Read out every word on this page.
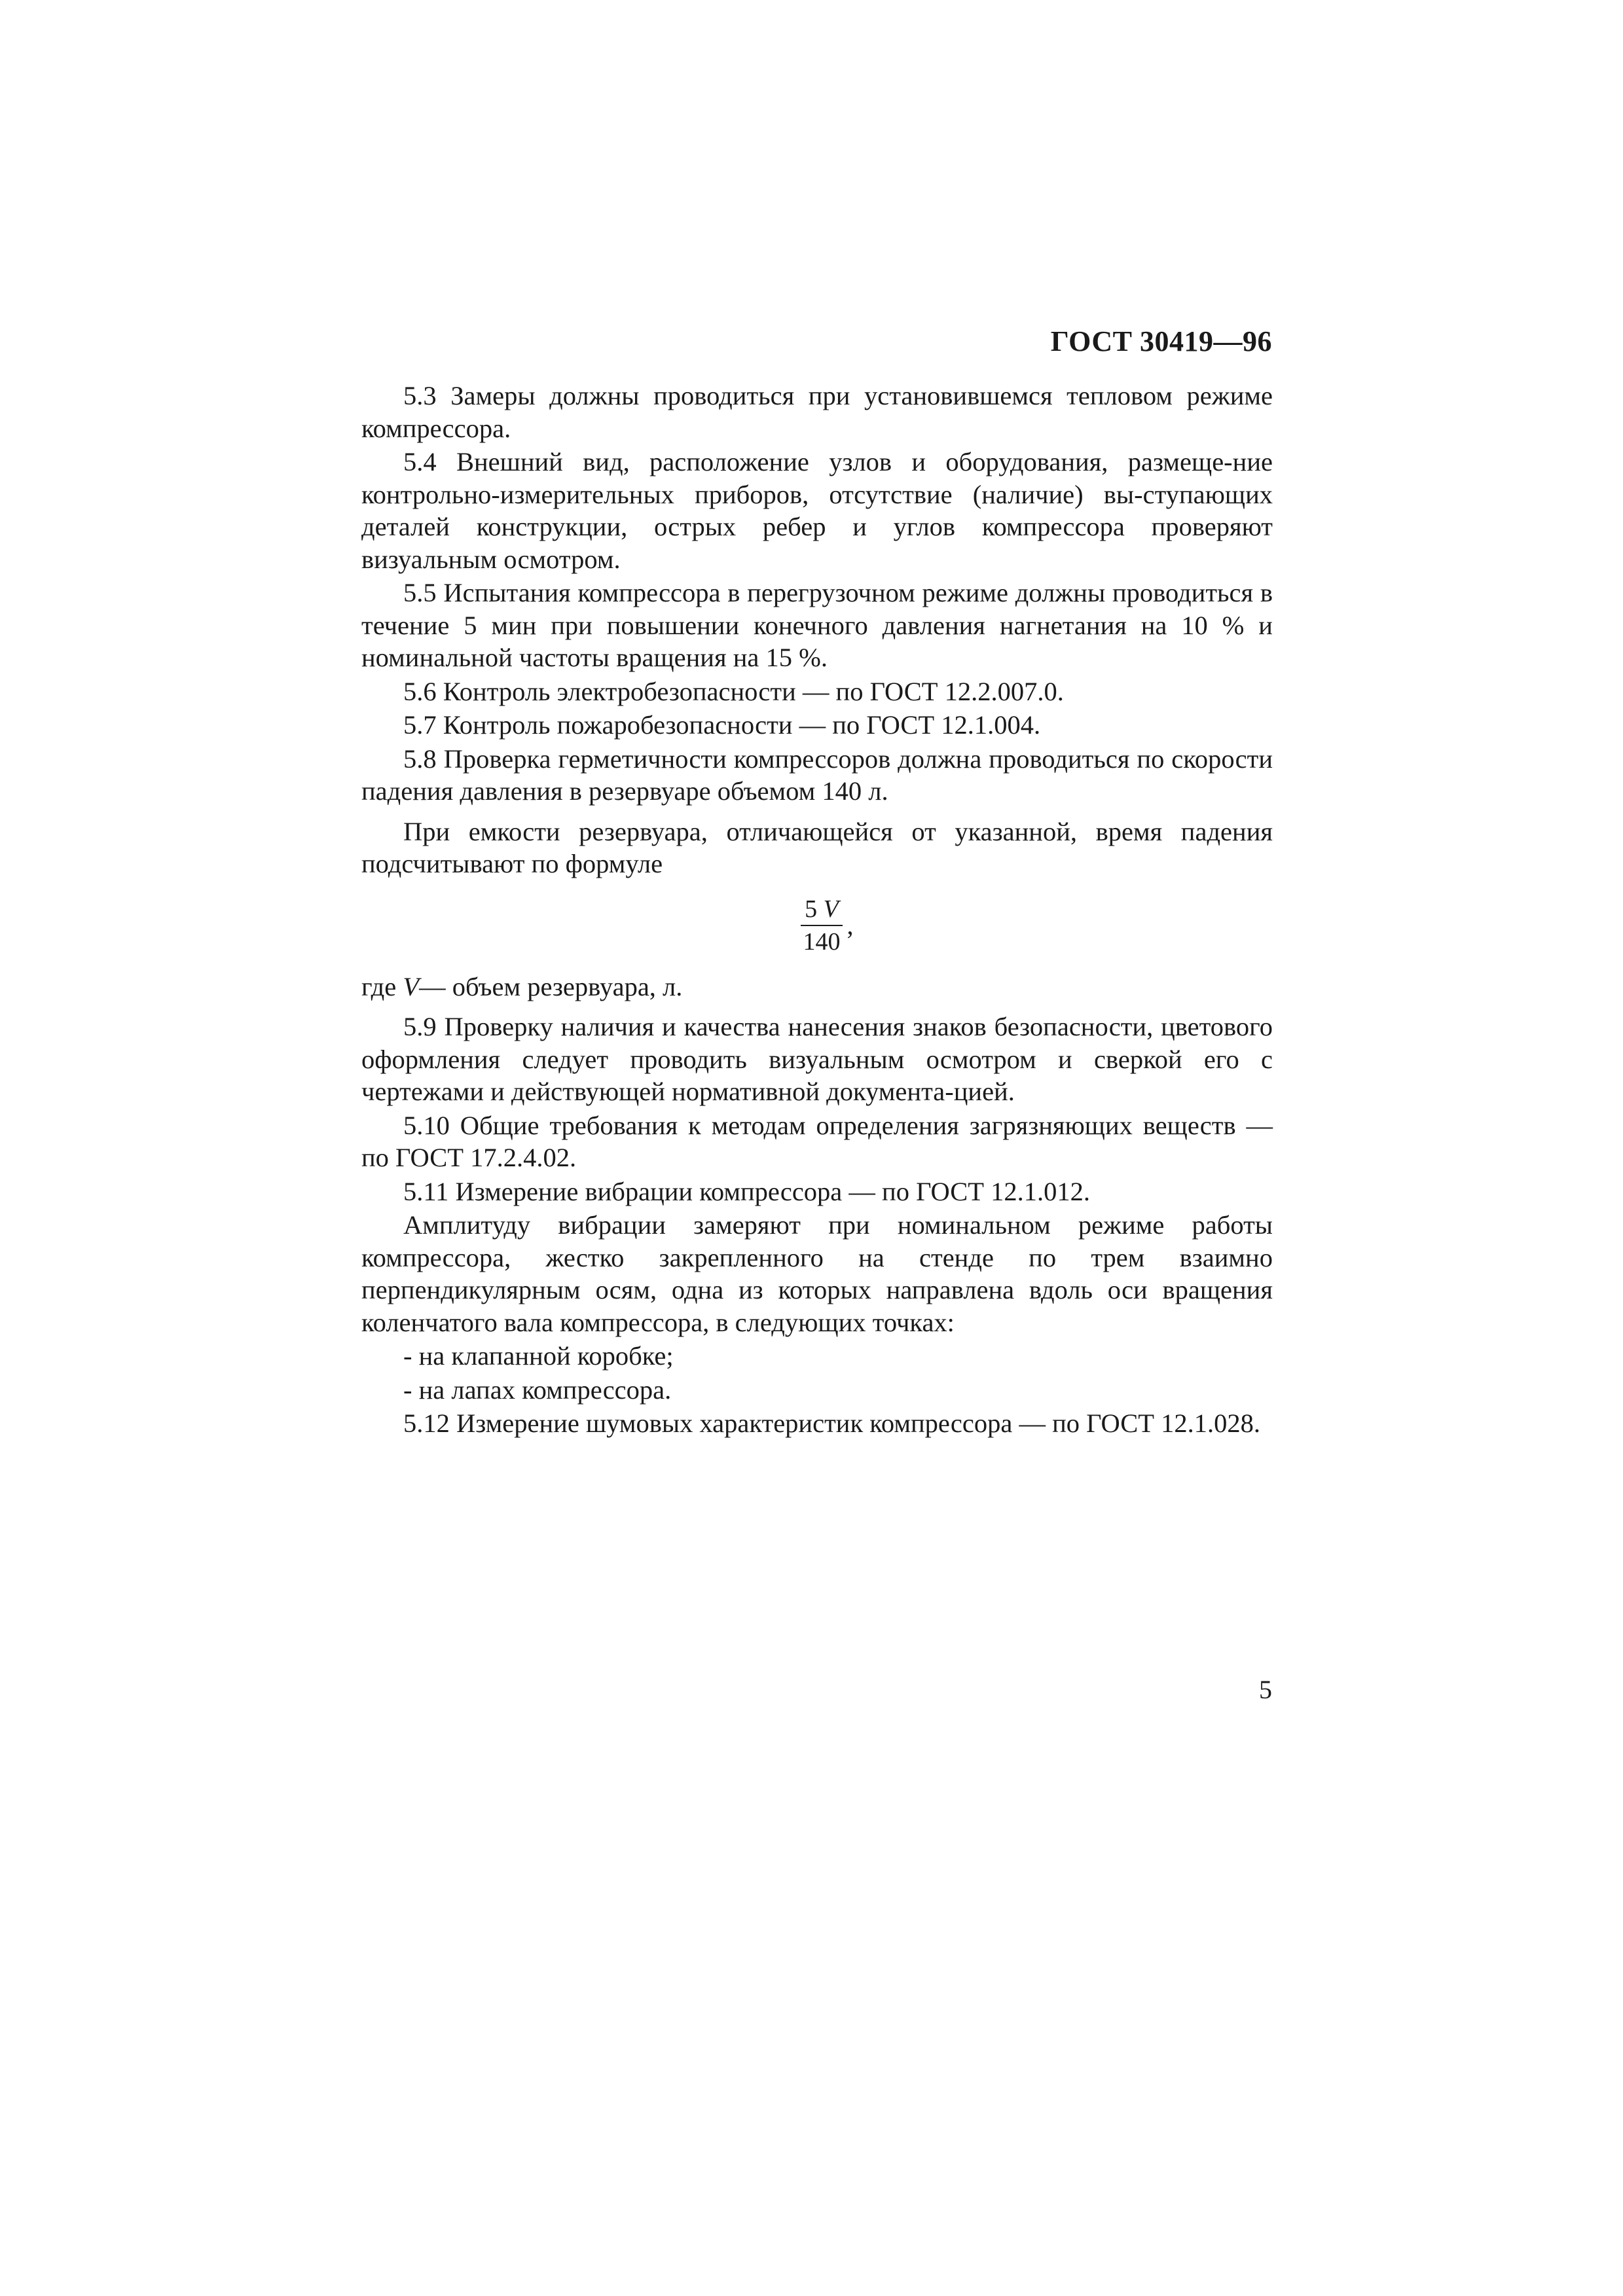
ГОСТ 30419—96

5.3 Замеры должны проводиться при установившемся тепловом режиме компрессора.

5.4 Внешний вид, расположение узлов и оборудования, размеще-ние контрольно-измерительных приборов, отсутствие (наличие) вы-ступающих деталей конструкции, острых ребер и углов компрессора проверяют визуальным осмотром.

5.5 Испытания компрессора в перегрузочном режиме должны проводиться в течение 5 мин при повышении конечного давления нагнетания на 10 % и номинальной частоты вращения на 15 %.

5.6 Контроль электробезопасности — по ГОСТ 12.2.007.0.

5.7 Контроль пожаробезопасности — по ГОСТ 12.1.004.

5.8 Проверка герметичности компрессоров должна проводиться по скорости падения давления в резервуаре объемом 140 л.

При емкости резервуара, отличающейся от указанной, время падения подсчитывают по формуле

$\frac{5 V}{140}$ ,

где V— объем резервуара, л.

5.9 Проверку наличия и качества нанесения знаков безопасности, цветового оформления следует проводить визуальным осмотром и сверкой его с чертежами и действующей нормативной документа-цией.

5.10 Общие требования к методам определения загрязняющих веществ — по ГОСТ 17.2.4.02.

5.11 Измерение вибрации компрессора — по ГОСТ 12.1.012.

Амплитуду вибрации замеряют при номинальном режиме работы компрессора, жестко закрепленного на стенде по трем взаимно перпендикулярным осям, одна из которых направлена вдоль оси вращения коленчатого вала компрессора, в следующих точках:

- на клапанной коробке;

- на лапах компрессора.

5.12 Измерение шумовых характеристик компрессора — по ГОСТ 12.1.028.

5
